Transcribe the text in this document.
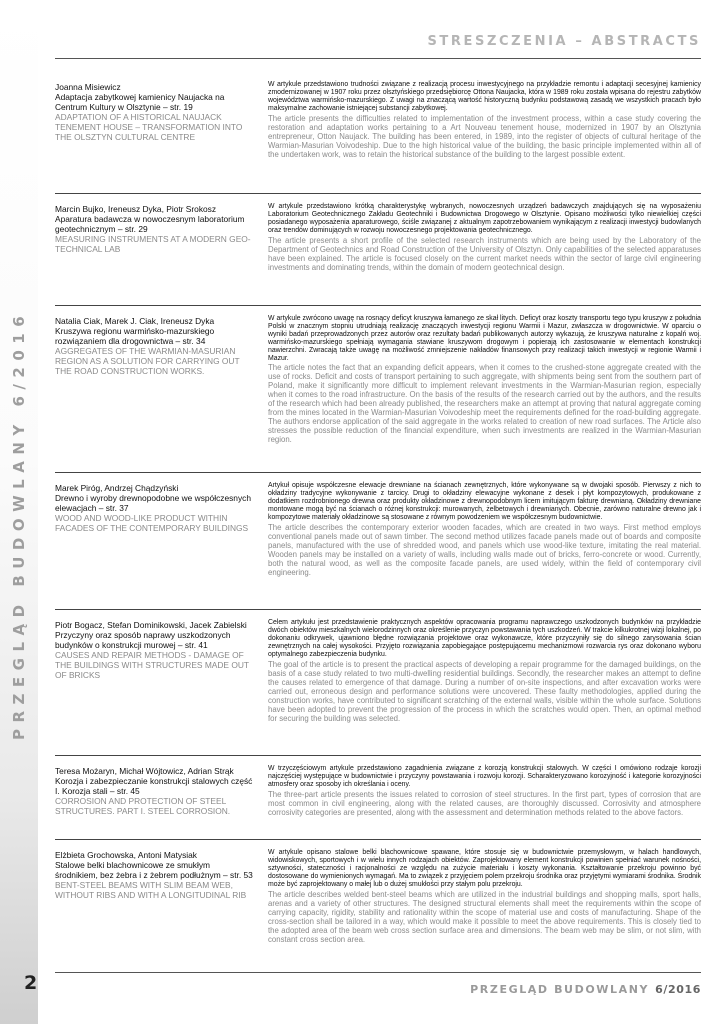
PRZEGLĄD BUDOWLANY 6/2016
STRESZCZENIA – ABSTRACTS
Joanna Misiewicz
Adaptacja zabytkowej kamienicy Naujacka na Centrum Kultury w Olsztynie – str. 19
ADAPTATION OF A HISTORICAL NAUJACK TENEMENT HOUSE – TRANSFORMATION INTO THE OLSZTYN CULTURAL CENTRE
W artykule przedstawiono trudności związane z realizacją procesu inwestycyjnego na przykładzie remontu i adaptacji secesyjnej kamienicy zmodernizowanej w 1907 roku przez olsztyńskiego przedsiębiorcę Ottona Naujacka, która w 1989 roku została wpisana do rejestru zabytków województwa warmińsko-mazurskiego. Z uwagi na znaczącą wartość historyczną budynku podstawową zasadą we wszystkich pracach było maksymalne zachowanie istniejącej substancji zabytkowej.
The article presents the difficulties related to implementation of the investment process, within a case study covering the restoration and adaptation works pertaining to a Art Nouveau tenement house, modernized in 1907 by an Olsztynia entrepreneur, Otton Naujack. The building has been entered, in 1989, into the register of objects of cultural heritage of the Warmian-Masurian Voivodeship. Due to the high historical value of the building, the basic principle implemented within all of the undertaken work, was to retain the historical substance of the building to the largest possible extent.
Marcin Bujko, Ireneusz Dyka, Piotr Srokosz
Aparatura badawcza w nowoczesnym laboratorium geotechnicznym – str. 29
MEASURING INSTRUMENTS AT A MODERN GEO-TECHNICAL LAB
W artykule przedstawiono krótką charakterystykę wybranych, nowoczesnych urządzeń badawczych znajdujących się na wyposażeniu Laboratorium Geotechnicznego Zakładu Geotechniki i Budownictwa Drogowego w Olsztynie. Opisano możliwości tylko niewielkiej części posiadanego wyposażenia aparaturowego, ściśle związanej z aktualnym zapotrzebowaniem wynikającym z realizacji inwestycji budowlanych oraz trendów dominujących w rozwoju nowoczesnego projektowania geotechnicznego.
The article presents a short profile of the selected research instruments which are being used by the Laboratory of the Department of Geotechnics and Road Construction of the University of Olsztyn. Only capabilities of the selected apparatuses have been explained. The article is focused closely on the current market needs within the sector of large civil engineering investments and dominating trends, within the domain of modern geotechnical design.
Natalia Ciak, Marek J. Ciak, Ireneusz Dyka
Kruszywa regionu warmińsko-mazurskiego rozwiązaniem dla drogownictwa – str. 34
AGGREGATES OF THE WARMIAN-MASURIAN REGION AS A SOLUTION FOR CARRYING OUT THE ROAD CONSTRUCTION WORKS.
W artykule zwrócono uwagę na rosnący deficyt kruszywa łamanego ze skał litych. Deficyt oraz koszty transportu tego typu kruszyw z południa Polski w znacznym stopniu utrudniają realizację znaczących inwestycji regionu Warmii i Mazur, zwłaszcza w drogownictwie. W oparciu o wyniki badań przeprowadzonych przez autorów oraz rezultaty badań publikowanych autorzy wykazują, że kruszywa naturalne z kopalń woj. warmińsko-mazurskiego spełniają wymagania stawiane kruszywom drogowym i popierają ich zastosowanie w elementach konstrukcji nawierzchni. Zwracają także uwagę na możliwość zmniejszenie nakładów finansowych przy realizacji takich inwestycji w regionie Warmii i Mazur.
The article notes the fact that an expanding deficit appears, when it comes to the crushed-stone aggregate created with the use of rocks. Deficit and costs of transport pertaining to such aggregate, with shipments being sent from the southern part of Poland, make it significantly more difficult to implement relevant investments in the Warmian-Masurian region, especially when it comes to the road infrastructure. On the basis of the results of the research carried out by the authors, and the results of the research which had been already published, the researchers make an attempt at proving that natural aggregate coming from the mines located in the Warmian-Masurian Voivodeship meet the requirements defined for the road-building aggregate. The authors endorse application of the said aggregate in the works related to creation of new road surfaces. The Article also stresses the possible reduction of the financial expenditure, when such investments are realized in the Warmian-Masurian region.
Marek Piróg, Andrzej Chądzyński
Drewno i wyroby drewnopodobne we współczesnych elewacjach – str. 37
WOOD AND WOOD-LIKE PRODUCT WITHIN FACADES OF THE CONTEMPORARY BUILDINGS
Artykuł opisuje współczesne elewacje drewniane na ścianach zewnętrznych, które wykonywane są w dwojaki sposób. Pierwszy z nich to okładziny tradycyjne wykonywanie z tarcicy. Drugi to okładziny elewacyjne wykonane z desek i płyt kompozytowych, produkowane z dodatkiem rozdrobnionego drewna oraz produkty okładzinowe z drewnopodobnym licem imitującym fakturę drewnianą. Okładziny drewniane montowane mogą być na ścianach o różnej konstrukcji: murowanych, żelbetowych i drewnianych. Obecnie, zarówno naturalne drewno jak i kompozytowe materiały okładzinowe są stosowane z równym powodzeniem we współczesnym budownictwie.
The article describes the contemporary exterior wooden facades, which are created in two ways. First method employs conventional panels made out of sawn timber. The second method utilizes facade panels made out of boards and composite panels, manufactured with the use of shredded wood, and panels which use wood-like texture, imitating the real material. Wooden panels may be installed on a variety of walls, including walls made out of bricks, ferro-concrete or wood. Currently, both the natural wood, as well as the composite facade panels, are used widely, within the field of contemporary civil engineering.
Piotr Bogacz, Stefan Dominikowski, Jacek Zabielski
Przyczyny oraz sposób naprawy uszkodzonych budynków o konstrukcji murowej – str. 41
CAUSES AND REPAIR METHODS - DAMAGE OF THE BUILDINGS WITH STRUCTURES MADE OUT OF BRICKS
Celem artykułu jest przedstawienie praktycznych aspektów opracowania programu naprawczego uszkodzonych budynków na przykładzie dwóch obiektów mieszkalnych wielorodzinnych oraz określenie przyczyn powstawania tych uszkodzeń. W trakcie kilkukrotnej wizji lokalnej, po dokonaniu odkrywek, ujawniono błędne rozwiązania projektowe oraz wykonawcze, które przyczyniły się do silnego zarysowania ścian zewnętrznych na całej wysokości. Przyjęto rozwiązania zapobiegające postępującemu mechanizmowi rozwarcia rys oraz dokonano wyboru optymalnego zabezpieczenia budynku.
The goal of the article is to present the practical aspects of developing a repair programme for the damaged buildings, on the basis of a case study related to two multi-dwelling residential buildings. Secondly, the researcher makes an attempt to define the causes related to emergence of that damage. During a number of on-site inspections, and after excavation works were carried out, erroneous design and performance solutions were uncovered. These faulty methodologies, applied during the construction works, have contributed to significant scratching of the external walls, visible within the whole surface. Solutions have been adopted to prevent the progression of the process in which the scratches would open. Then, an optimal method for securing the building was selected.
Teresa Możaryn, Michał Wójtowicz, Adrian Strąk
Korozja i zabezpieczanie konstrukcji stalowych część I. Korozja stali – str. 45
CORROSION AND PROTECTION OF STEEL STRUCTURES. PART I. STEEL CORROSION.
W trzyczęściowym artykule przedstawiono zagadnienia związane z korozją konstrukcji stalowych. W części I omówiono rodzaje korozji najczęściej występujące w budownictwie i przyczyny powstawania i rozwoju korozji. Scharakteryzowano korozyjność i kategorie korozyjności atmosfery oraz sposoby ich określania i oceny.
The three-part article presents the issues related to corrosion of steel structures. In the first part, types of corrosion that are most common in civil engineering, along with the related causes, are thoroughly discussed. Corrosivity and atmosphere corrosivity categories are presented, along with the assessment and determination methods related to the above factors.
Elżbieta Grochowska, Antoni Matysiak
Stalowe belki blachownicowe ze smukłym środnikiem, bez żebra i z żebrem podłużnym – str. 53
BENT-STEEL BEAMS WITH SLIM BEAM WEB, WITHOUT RIBS AND WITH A LONGITUDINAL RIB
W artykule opisano stalowe belki blachownicowe spawane, które stosuje się w budownictwie przemysłowym, w halach handlowych, widowiskowych, sportowych i w wielu innych rodzajach obiektów. Zaprojektowany element konstrukcji powinien spełniać warunek nośności, sztywności, stateczności i racjonalności ze względu na zużycie materiału i koszty wykonania. Kształtowanie przekroju powinno być dostosowane do wymienionych wymagań. Ma to związek z przyjęciem polem przekroju środnika oraz przyjętymi wymiarami środnika. Środnik może być zaprojektowany o małej lub o dużej smukłości przy stałym polu przekroju.
The article describes welded bent-steel beams which are utilized in the industrial buildings and shopping malls, sport halls, arenas and a variety of other structures. The designed structural elements shall meet the requirements within the scope of carrying capacity, rigidity, stability and rationality within the scope of material use and costs of manufacturing. Shape of the cross-section shall be tailored in a way, which would make it possible to meet the above requirements. This is closely tied to the adopted area of the beam web cross section surface area and dimensions. The beam web may be slim, or not slim, with constant cross section area.
2	PRZEGLĄD BUDOWLANY 6/2016
